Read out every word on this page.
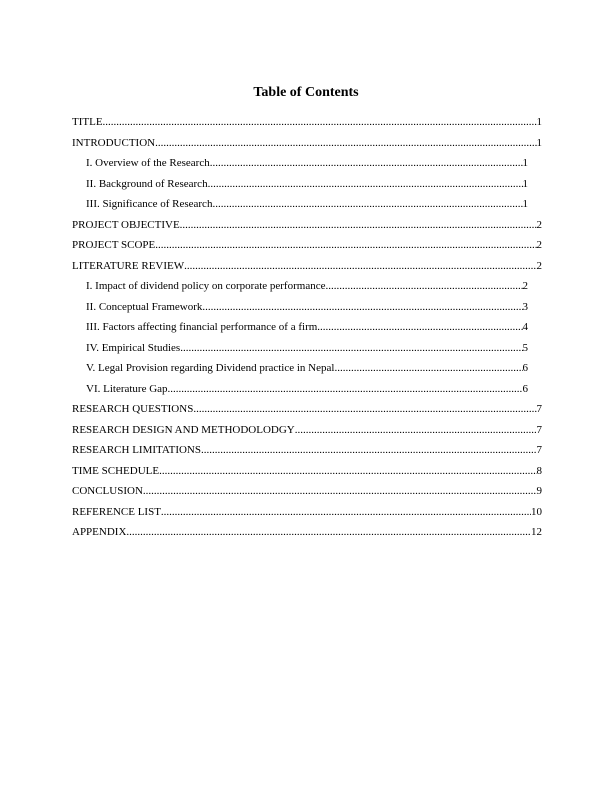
Table of Contents
TITLE .....	1
INTRODUCTION .....	1
I. Overview of the Research .....	1
II. Background of Research .....	1
III. Significance of Research .....	1
PROJECT OBJECTIVE .....	2
PROJECT SCOPE .....	2
LITERATURE REVIEW .....	2
I. Impact of dividend policy on corporate performance .....	2
II. Conceptual Framework .....	3
III. Factors affecting financial performance of a firm .....	4
IV. Empirical Studies .....	5
V. Legal Provision regarding Dividend practice in Nepal .....	6
VI. Literature Gap .....	6
RESEARCH QUESTIONS .....	7
RESEARCH DESIGN AND METHODOLODGY .....	7
RESEARCH LIMITATIONS .....	7
TIME SCHEDULE .....	8
CONCLUSION .....	9
REFERENCE LIST .....	10
APPENDIX .....	12
